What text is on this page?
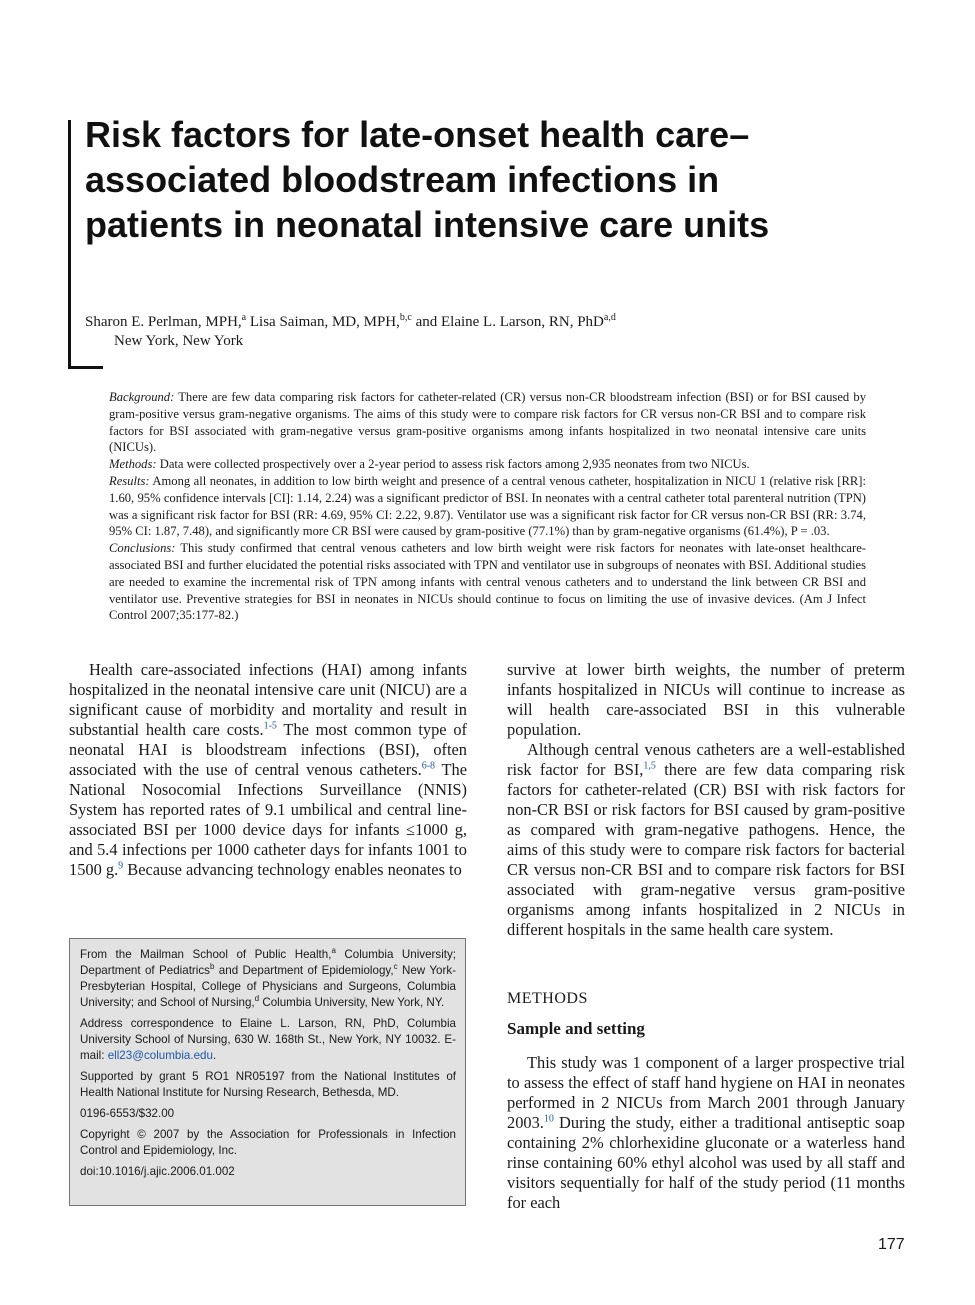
Risk factors for late-onset health care–associated bloodstream infections in patients in neonatal intensive care units
Sharon E. Perlman, MPH,$^a$ Lisa Saiman, MD, MPH,$^{b,c}$ and Elaine L. Larson, RN, PhD$^{a,d}$
New York, New York

Background: There are few data comparing risk factors for catheter-related (CR) versus non-CR bloodstream infection (BSI) or for BSI caused by gram-positive versus gram-negative organisms. The aims of this study were to compare risk factors for CR versus non-CR BSI and to compare risk factors for BSI associated with gram-negative versus gram-positive organisms among infants hospitalized in two neonatal intensive care units (NICUs).

Methods: Data were collected prospectively over a 2-year period to assess risk factors among 2,935 neonates from two NICUs.

Results: Among all neonates, in addition to low birth weight and presence of a central venous catheter, hospitalization in NICU 1 (relative risk [RR]: 1.60, 95% confidence intervals [CI]: 1.14, 2.24) was a significant predictor of BSI. In neonates with a central catheter total parenteral nutrition (TPN) was a significant risk factor for BSI (RR: 4.69, 95% CI: 2.22, 9.87). Ventilator use was a significant risk factor for CR versus non-CR BSI (RR: 3.74, 95% CI: 1.87, 7.48), and significantly more CR BSI were caused by gram-positive (77.1%) than by gram-negative organisms (61.4%), P = .03.

Conclusions: This study confirmed that central venous catheters and low birth weight were risk factors for neonates with late-onset healthcare-associated BSI and further elucidated the potential risks associated with TPN and ventilator use in subgroups of neonates with BSI. Additional studies are needed to examine the incremental risk of TPN among infants with central venous catheters and to understand the link between CR BSI and ventilator use. Preventive strategies for BSI in neonates in NICUs should continue to focus on limiting the use of invasive devices. (Am J Infect Control 2007;35:177-82.)

Health care-associated infections (HAI) among infants hospitalized in the neonatal intensive care unit (NICU) are a significant cause of morbidity and mortality and result in substantial health care costs.$^{1-5}$ The most common type of neonatal HAI is bloodstream infections (BSI), often associated with the use of central venous catheters.$^{6-8}$ The National Nosocomial Infections Surveillance (NNIS) System has reported rates of 9.1 umbilical and central line-associated BSI per 1000 device days for infants ≤1000 g, and 5.4 infections per 1000 catheter days for infants 1001 to 1500 g.$^9$ Because advancing technology enables neonates to

survive at lower birth weights, the number of preterm infants hospitalized in NICUs will continue to increase as will health care-associated BSI in this vulnerable population.

Although central venous catheters are a well-established risk factor for BSI,$^{1,5}$ there are few data comparing risk factors for catheter-related (CR) BSI with risk factors for non-CR BSI or risk factors for BSI caused by gram-positive as compared with gram-negative pathogens. Hence, the aims of this study were to compare risk factors for bacterial CR versus non-CR BSI and to compare risk factors for BSI associated with gram-negative versus gram-positive organisms among infants hospitalized in 2 NICUs in different hospitals in the same health care system.

METHODS
Sample and setting

This study was 1 component of a larger prospective trial to assess the effect of staff hand hygiene on HAI in neonates performed in 2 NICUs from March 2001 through January 2003.10 During the study, either a traditional antiseptic soap containing 2% chlorhexidine gluconate or a waterless hand rinse containing 60% ethyl alcohol was used by all staff and visitors sequentially for half of the study period (11 months for each

From the Mailman School of Public Health,$^a$ Columbia University; Department of Pediatrics$^b$ and Department of Epidemiology,$^c$ New York-Presbyterian Hospital, College of Physicians and Surgeons, Columbia University; and School of Nursing,$^d$ Columbia University, New York, NY.

Address correspondence to Elaine L. Larson, RN, PhD, Columbia University School of Nursing, 630 W. 168th St., New York, NY 10032. E-mail: ell23@columbia.edu.

Supported by grant 5 RO1 NR05197 from the National Institutes of Health National Institute for Nursing Research, Bethesda, MD.

0196-6553/$32.00

Copyright © 2007 by the Association for Professionals in Infection Control and Epidemiology, Inc.

doi:10.1016/j.ajic.2006.01.002

177
